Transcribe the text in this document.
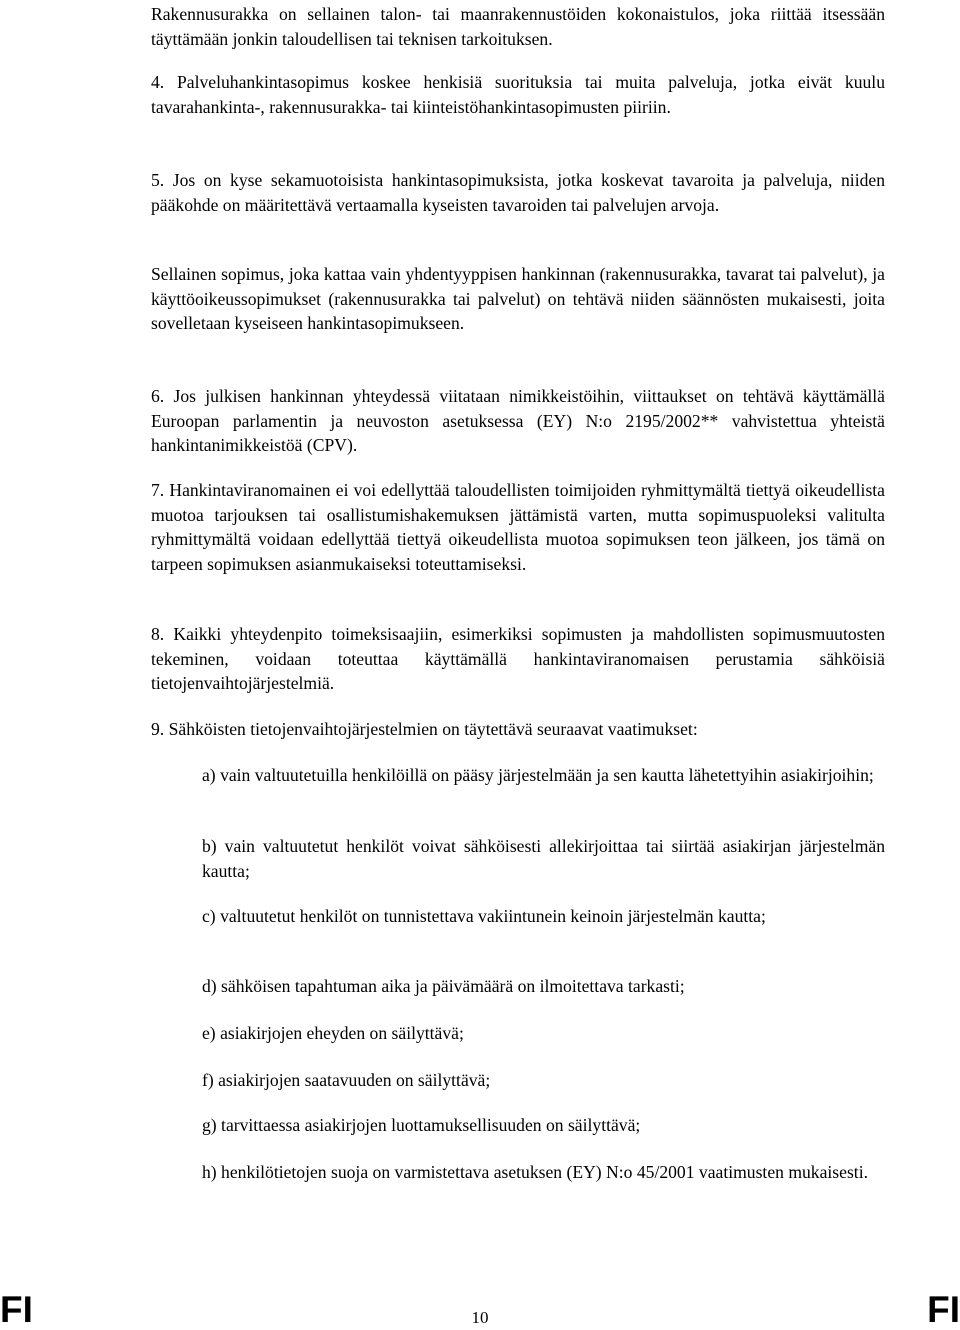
Rakennusurakka on sellainen talon- tai maanrakennustöiden kokonaistulos, joka riittää itsessään täyttämään jonkin taloudellisen tai teknisen tarkoituksen.

4. Palveluhankintasopimus koskee henkisiä suorituksia tai muita palveluja, jotka eivät kuulu tavarahankinta-, rakennusurakka- tai kiinteistöhankintasopimusten piiriin.

5. Jos on kyse sekamuotoisista hankintasopimuksista, jotka koskevat tavaroita ja palveluja, niiden pääkohde on määritettävä vertaamalla kyseisten tavaroiden tai palvelujen arvoja.

Sellainen sopimus, joka kattaa vain yhdentyyppisen hankinnan (rakennusurakka, tavarat tai palvelut), ja käyttöoikeussopimukset (rakennusurakka tai palvelut) on tehtävä niiden säännösten mukaisesti, joita sovelletaan kyseiseen hankintasopimukseen.

6. Jos julkisen hankinnan yhteydessä viitataan nimikkeistöihin, viittaukset on tehtävä käyttämällä Euroopan parlamentin ja neuvoston asetuksessa (EY) N:o 2195/2002** vahvistettua yhteistä hankintanimikkeistöä (CPV).

7. Hankintaviranomainen ei voi edellyttää taloudellisten toimijoiden ryhmittymältä tiettyä oikeudellista muotoa tarjouksen tai osallistumishakemuksen jättämistä varten, mutta sopimuspuoleksi valitulta ryhmittymältä voidaan edellyttää tiettyä oikeudellista muotoa sopimuksen teon jälkeen, jos tämä on tarpeen sopimuksen asianmukaiseksi toteuttamiseksi.

8. Kaikki yhteydenpito toimeksisaajiin, esimerkiksi sopimusten ja mahdollisten sopimusmuutosten tekeminen, voidaan toteuttaa käyttämällä hankintaviranomaisen perustamia sähköisiä tietojenvaihtojärjestelmiä.

9. Sähköisten tietojenvaihtojärjestelmien on täytettävä seuraavat vaatimukset:

a) vain valtuutetuilla henkilöillä on pääsy järjestelmään ja sen kautta lähetettyihin asiakirjoihin;

b) vain valtuutetut henkilöt voivat sähköisesti allekirjoittaa tai siirtää asiakirjan järjestelmän kautta;

c) valtuutetut henkilöt on tunnistettava vakiintunein keinoin järjestelmän kautta;

d) sähköisen tapahtuman aika ja päivämäärä on ilmoitettava tarkasti;

e) asiakirjojen eheyden on säilyttävä;

f) asiakirjojen saatavuuden on säilyttävä;

g) tarvittaessa asiakirjojen luottamuksellisuuden on säilyttävä;

h) henkilötietojen suoja on varmistettava asetuksen (EY) N:o 45/2001 vaatimusten mukaisesti.

FI	10	FI
